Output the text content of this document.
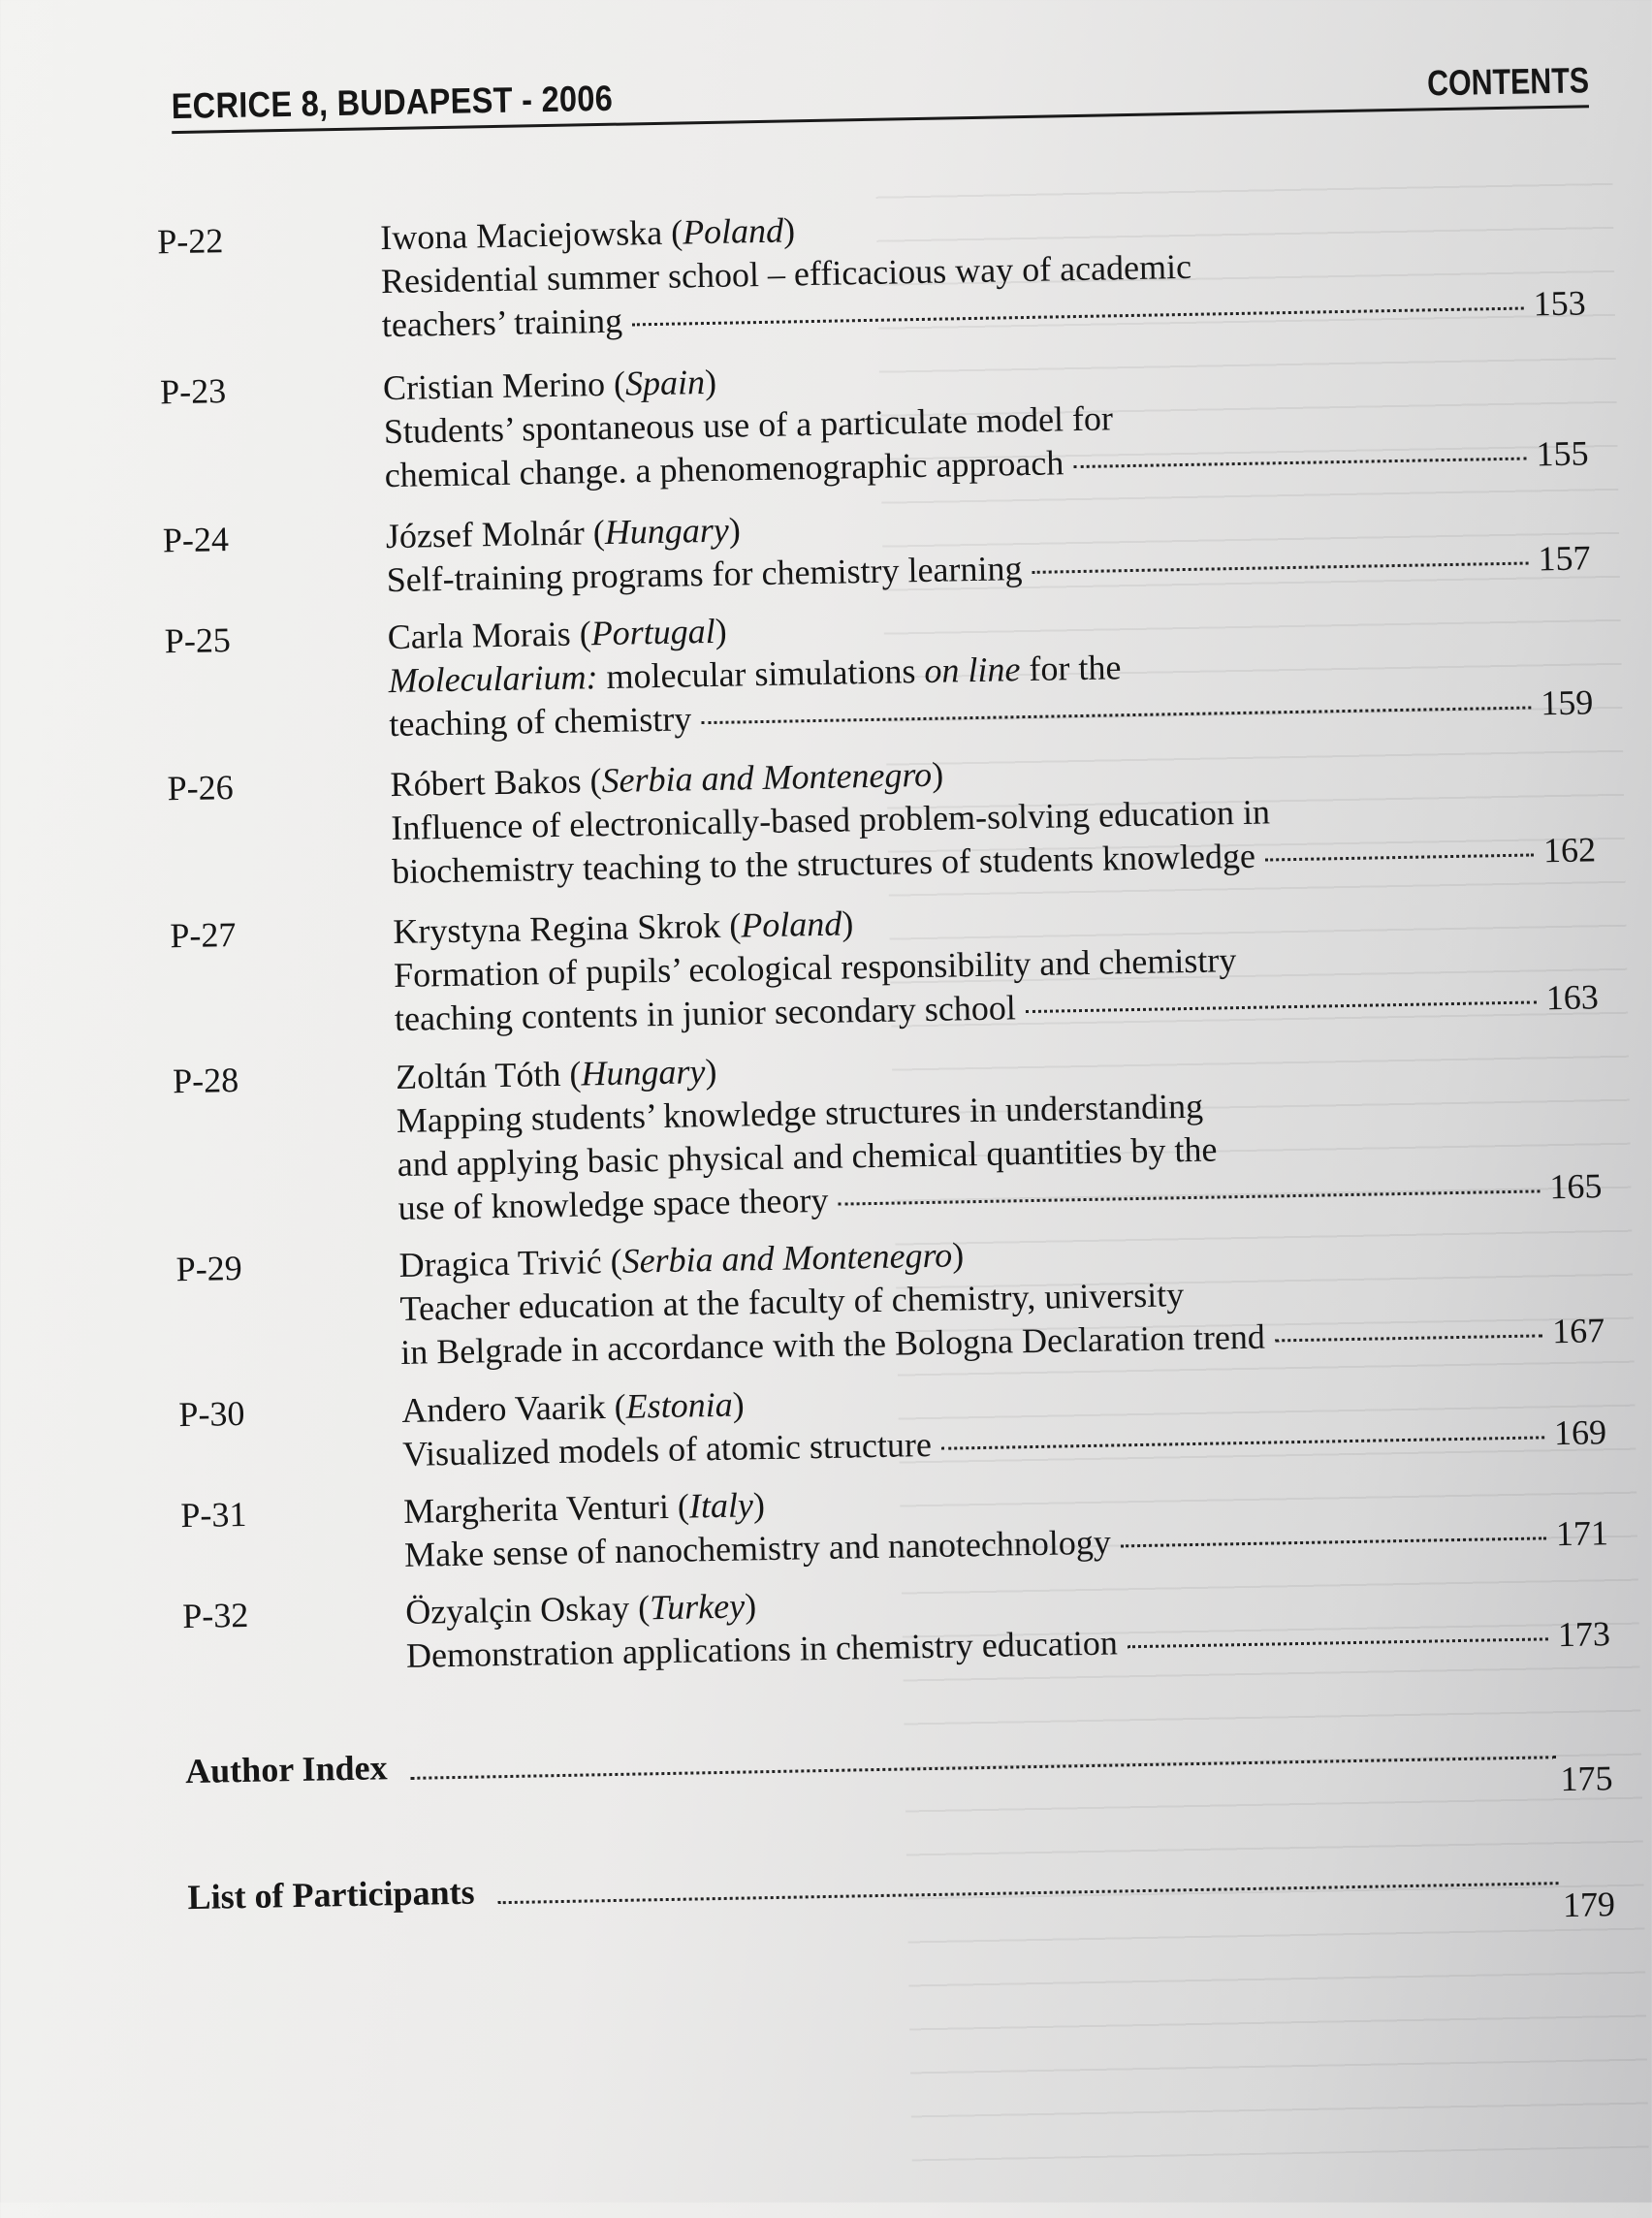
ECRICE 8, BUDAPEST - 2006	CONTENTS
P-22	Iwona Maciejowska (Poland)
Residential summer school – efficacious way of academic
teachers’ training	153
P-23	Cristian Merino (Spain)
Students’ spontaneous use of a particulate model for
chemical change. a phenomenographic approach	155
P-24	József Molnár (Hungary)
Self-training programs for chemistry learning	157
P-25	Carla Morais (Portugal)
Molecularium: molecular simulations on line for the
teaching of chemistry	159
P-26	Róbert Bakos (Serbia and Montenegro)
Influence of electronically-based problem-solving education in
biochemistry teaching to the structures of students knowledge	162
P-27	Krystyna Regina Skrok (Poland)
Formation of pupils’ ecological responsibility and chemistry
teaching contents in junior secondary school	163
P-28	Zoltán Tóth (Hungary)
Mapping students’ knowledge structures in understanding
and applying basic physical and chemical quantities by the
use of knowledge space theory	165
P-29	Dragica Trivić (Serbia and Montenegro)
Teacher education at the faculty of chemistry, university
in Belgrade in accordance with the Bologna Declaration trend	167
P-30	Andero Vaarik (Estonia)
Visualized models of atomic structure	169
P-31	Margherita Venturi (Italy)
Make sense of nanochemistry and nanotechnology	171
P-32	Özyalçin Oskay (Turkey)
Demonstration applications in chemistry education	173
Author Index	175
List of Participants	179
